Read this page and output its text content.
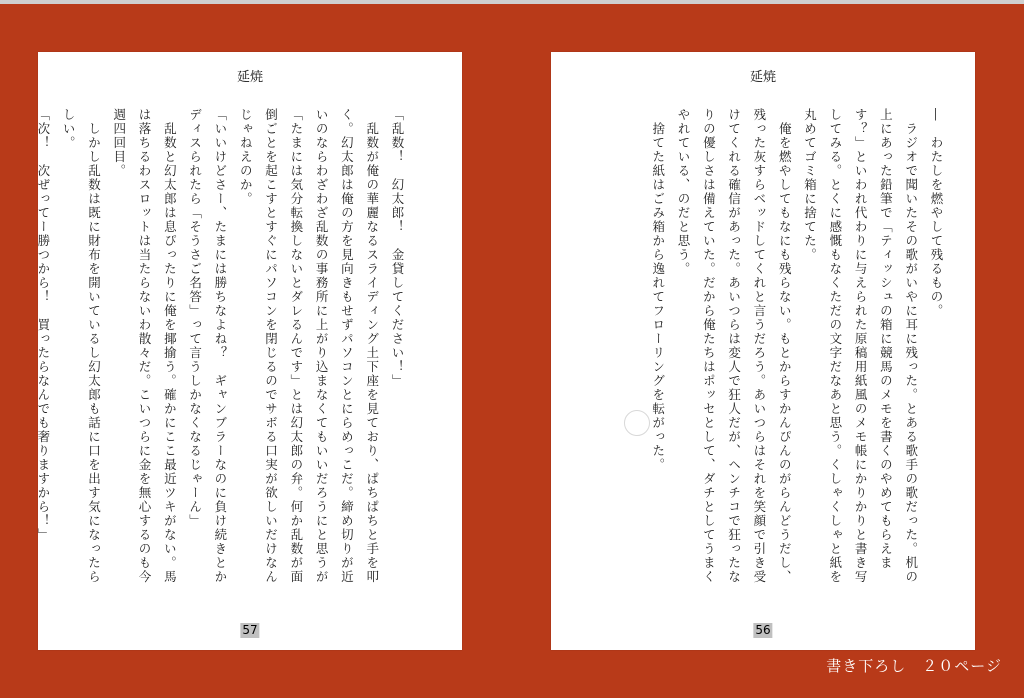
延焼
「乱数！　幻太郎！　金貸してください！」
　乱数が俺の華麗なるスライディング土下座を見ており、ぱちぱちと手を叩く。幻太郎は俺の方を見向きもせずパソコンとにらめっこだ。締め切りが近いのならわざわざ乱数の事務所に上がり込まなくてもいいだろうにと思うが「たまには気分転換しないとダレるんです」とは幻太郎の弁。何か乱数が面倒ごとを起こすとすぐにパソコンを閉じるのでサボる口実が欲しいだけなんじゃねえのか。
「いいけどさー、たまには勝ちなよね？　ギャンブラーなのに負け続きとかディスられたら「そうさご名答」って言うしかなくなるじゃーん」
　乱数と幻太郎は息ぴったりに俺を揶揄う。確かにここ最近ツキがない。馬は落ちるわスロットは当たらないわ散々だ。こいつらに金を無心するのも今週四回目。
　しかし乱数は既に財布を開いているし幻太郎も話に口を出す気になったらしい。
「次！　次ぜってー勝つから！　買ったらなんでも奢りますから！」
57
延焼
―　わたしを燃やして残るもの。
　ラジオで聞いたその歌がいやに耳に残った。とある歌手の歌だった。机の上にあった鉛筆で「ティッシュの箱に競馬のメモを書くのやめてもらえます？」といわれ代わりに与えられた原稿用紙風のメモ帳にかりかりと書き写してみる。とくに感慨もなくただの文字だなあと思う。くしゃくしゃと紙を丸めてゴミ箱に捨てた。
　俺を燃やしてもなにも残らない。もとからすかんぴんのがらんどうだし、残った灰すらベッドしてくれと言うだろう。あいつらはそれを笑顔で引き受けてくれる確信があった。あいつらは変人で狂人だが、ヘンチコで狂ったなりの優しさは備えていた。だから俺たちはポッセとして、ダチとしてうまくやれている、のだと思う。
　捨てた紙はごみ箱から逸れてフローリングを転がった。
56
書き下ろし　２０ページ
